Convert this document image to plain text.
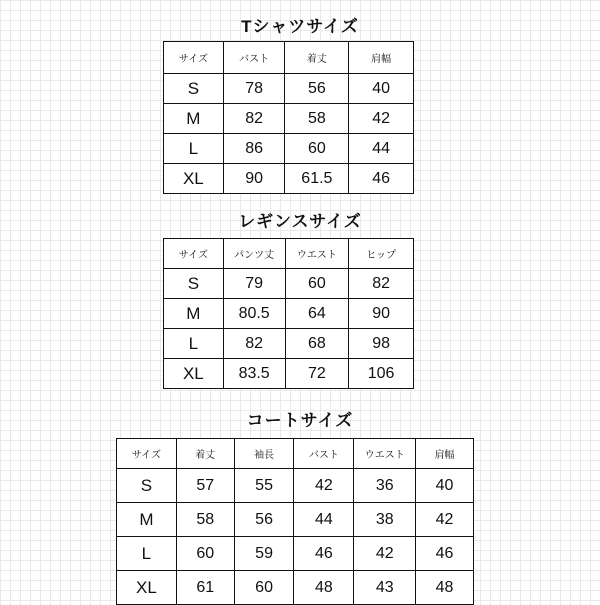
Tシャツサイズ
サイズ	バスト	着丈	肩幅
S	78	56	40
M	82	58	42
L	86	60	44
XL	90	61.5	46
レギンスサイズ
サイズ	パンツ丈	ウエスト	ヒップ
S	79	60	82
M	80.5	64	90
L	82	68	98
XL	83.5	72	106
コートサイズ
サイズ	着丈	袖長	バスト	ウエスト	肩幅
S	57	55	42	36	40
M	58	56	44	38	42
L	60	59	46	42	46
XL	61	60	48	43	48
